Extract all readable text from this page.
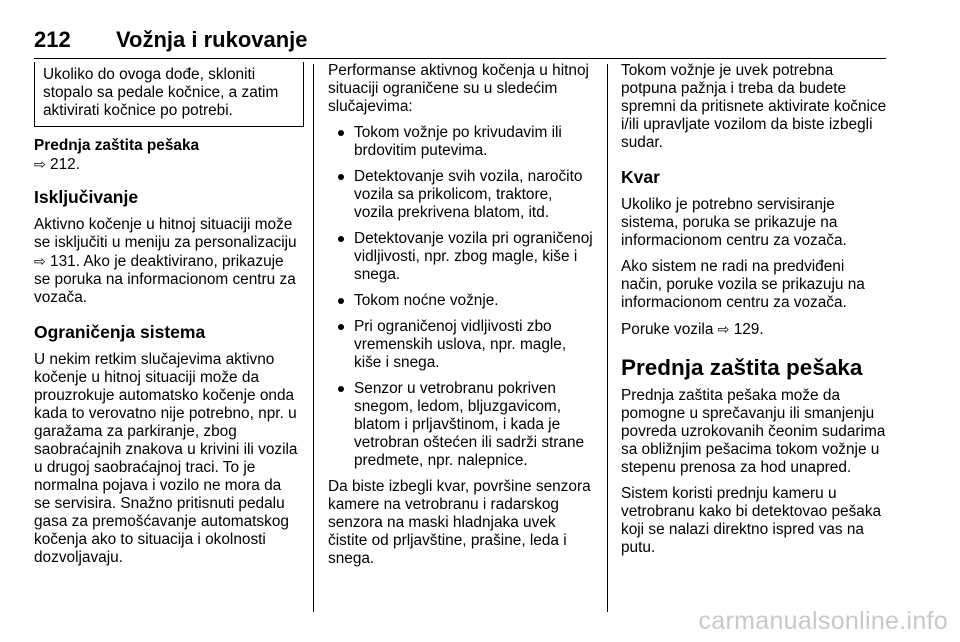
212 Vožnja i rukovanje
Ukoliko do ovoga dođe, skloniti stopalo sa pedale kočnice, a zatim aktivirati kočnice po potrebi.

Prednja zaštita pešaka

⇨ 212.

Isključivanje

Aktivno kočenje u hitnoj situaciji može se isključiti u meniju za personalizaciju ⇨ 131. Ako je deaktivirano, prikazuje se poruka na informacionom centru za vozača.

Ograničenja sistema

U nekim retkim slučajevima aktivno kočenje u hitnoj situaciji može da prouzrokuje automatsko kočenje onda kada to verovatno nije potrebno, npr. u garažama za parkiranje, zbog saobraćajnih znakova u krivini ili vozila u drugoj saobraćajnoj traci. To je normalna pojava i vozilo ne mora da se servisira. Snažno pritisnuti pedalu gasa za premošćavanje automatskog kočenja ako to situacija i okolnosti dozvoljavaju.

Performanse aktivnog kočenja u hitnoj situaciji ograničene su u sledećim slučajevima:

Tokom vožnje po krivudavim ili brdovitim putevima.
Detektovanje svih vozila, naročito vozila sa prikolicom, traktore, vozila prekrivena blatom, itd.
Detektovanje vozila pri ograničenoj vidljivosti, npr. zbog magle, kiše i snega.
Tokom noćne vožnje.
Pri ograničenoj vidljivosti zbo vremenskih uslova, npr. magle, kiše i snega.
Senzor u vetrobranu pokriven snegom, ledom, bljuzgavicom, blatom i prljavštinom, i kada je vetrobran oštećen ili sadrži strane predmete, npr. nalepnice.

Da biste izbegli kvar, površine senzora kamere na vetrobranu i radarskog senzora na maski hladnjaka uvek čistite od prljavštine, prašine, leda i snega.

Tokom vožnje je uvek potrebna potpuna pažnja i treba da budete spremni da pritisnete aktivirate kočnice i/ili upravljate vozilom da biste izbegli sudar.

Kvar

Ukoliko je potrebno servisiranje sistema, poruka se prikazuje na informacionom centru za vozača.

Ako sistem ne radi na predviđeni način, poruke vozila se prikazuju na informacionom centru za vozača.

Poruke vozila ⇨ 129.

Prednja zaštita pešaka

Prednja zaštita pešaka može da pomogne u sprečavanju ili smanjenju povreda uzrokovanih čeonim sudarima sa obližnjim pešacima tokom vožnje u stepenu prenosa za hod unapred.

Sistem koristi prednju kameru u vetrobranu kako bi detektovao pešaka koji se nalazi direktno ispred vas na putu.

carmanualsonline.info
